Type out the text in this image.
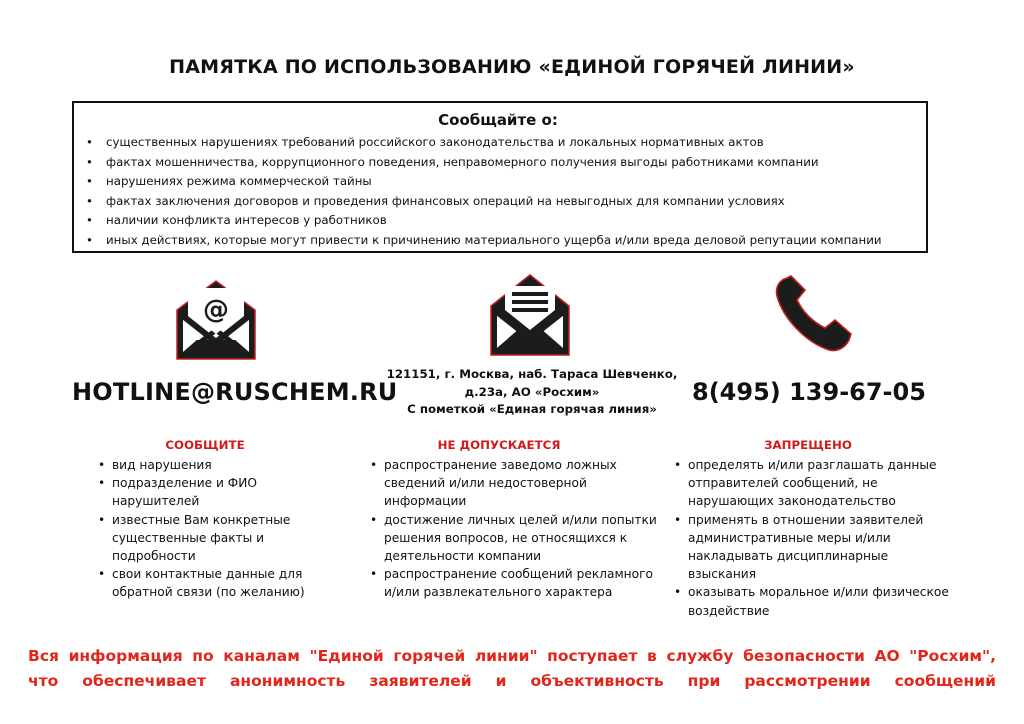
ПАМЯТКА ПО ИСПОЛЬЗОВАНИЮ «ЕДИНОЙ ГОРЯЧЕЙ ЛИНИИ»
Сообщайте о:
• существенных нарушениях требований российского законодательства и локальных нормативных актов
• фактах мошенничества, коррупционного поведения, неправомерного получения выгоды работниками компании
• нарушениях режима коммерческой тайны
• фактах заключения договоров и проведения финансовых операций на невыгодных для компании условиях
• наличии конфликта интересов у работников
• иных действиях, которые могут привести к причинению материального ущерба и/или вреда деловой репутации компании
@
HOTLINE@RUSCHEM.RU
121151, г. Москва, наб. Тараса Шевченко,
д.23а, АО «Росхим»
С пометкой «Единая горячая линия»
8(495) 139-67-05
СООБЩИТЕ
• вид нарушения
• подразделение и ФИО нарушителей
• известные Вам конкретные существенные факты и подробности
• свои контактные данные для обратной связи (по желанию)
НЕ ДОПУСКАЕТСЯ
• распространение заведомо ложных сведений и/или недостоверной информации
• достижение личных целей и/или попытки решения вопросов, не относящихся к деятельности компании
• распространение сообщений рекламного и/или развлекательного характера
ЗАПРЕЩЕНО
• определять и/или разглашать данные отправителей сообщений, не нарушающих законодательство
• применять в отношении заявителей административные меры и/или накладывать дисциплинарные взыскания
• оказывать моральное и/или физическое воздействие
Вся информация по каналам "Единой горячей линии" поступает в службу безопасности АО "Росхим",
что обеспечивает анонимность заявителей и объективность при рассмотрении сообщений
